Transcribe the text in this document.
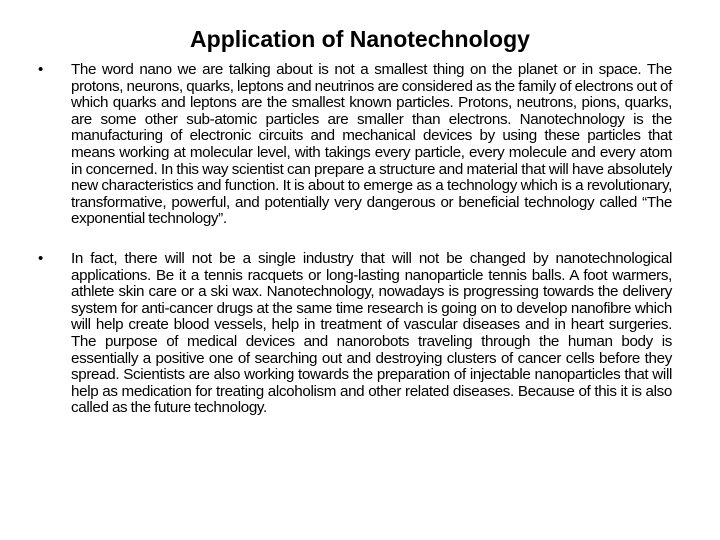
Application of Nanotechnology
• The word nano we are talking about is not a smallest thing on the planet or in space. The protons, neurons, quarks, leptons and neutrinos are considered as the family of electrons out of which quarks and leptons are the smallest known particles. Protons, neutrons, pions, quarks, are some other sub-atomic particles are smaller than electrons. Nanotechnology is the manufacturing of electronic circuits and mechanical devices by using these particles that means working at molecular level, with takings every particle, every molecule and every atom in concerned. In this way scientist can prepare a structure and material that will have absolutely new characteristics and function. It is about to emerge as a technology which is a revolutionary, transformative, powerful, and potentially very dangerous or beneficial technology called “The exponential technology”.
• In fact, there will not be a single industry that will not be changed by nanotechnological applications. Be it a tennis racquets or long-lasting nanoparticle tennis balls. A foot warmers, athlete skin care or a ski wax. Nanotechnology, nowadays is progressing towards the delivery system for anti-cancer drugs at the same time research is going on to develop nanofibre which will help create blood vessels, help in treatment of vascular diseases and in heart surgeries. The purpose of medical devices and nanorobots traveling through the human body is essentially a positive one of searching out and destroying clusters of cancer cells before they spread. Scientists are also working towards the preparation of injectable nanoparticles that will help as medication for treating alcoholism and other related diseases. Because of this it is also called as the future technology.
